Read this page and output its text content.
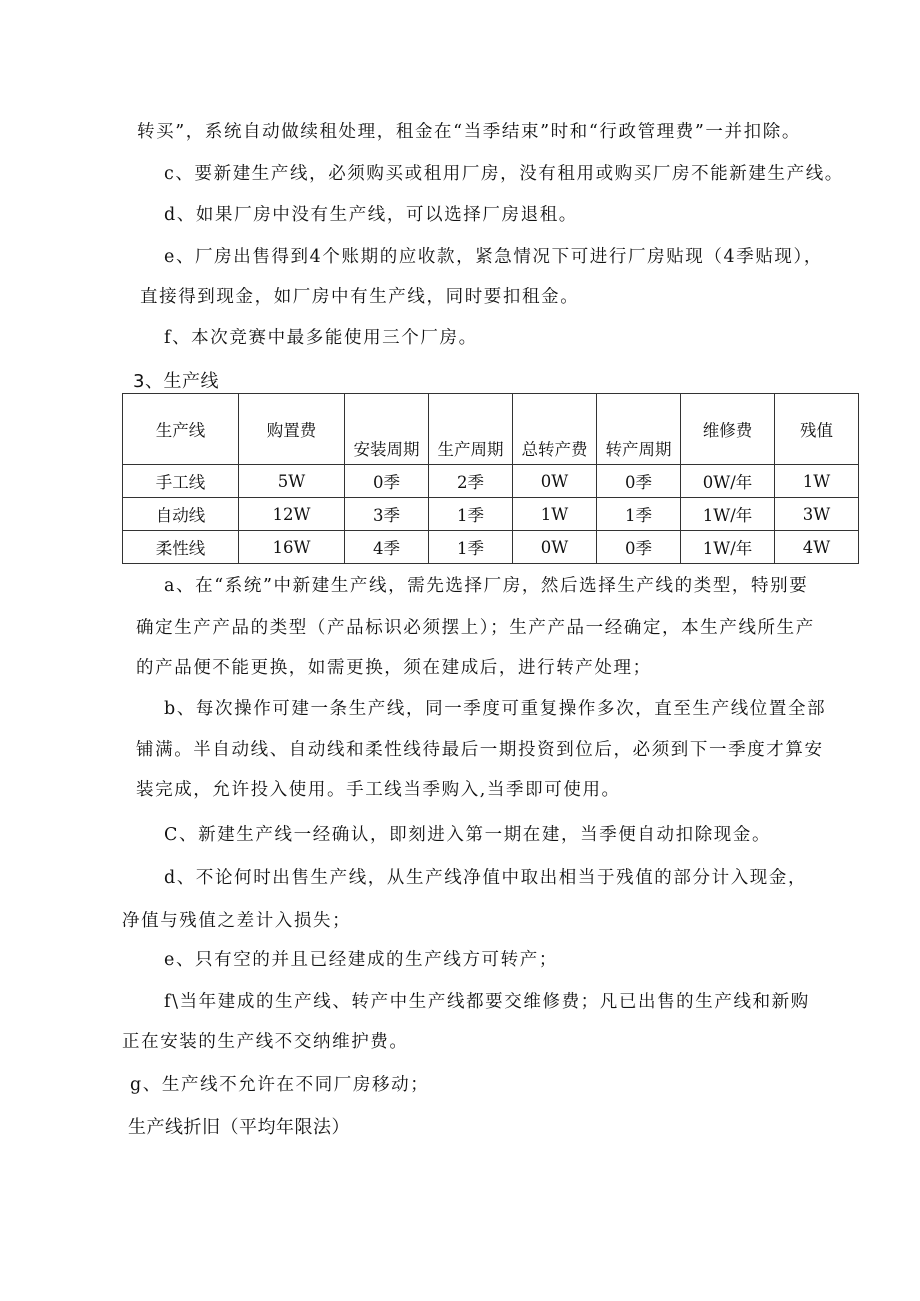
转买”，系统自动做续租处理，租金在“当季结束”时和“行政管理费”一并扣除。
c、要新建生产线，必须购买或租用厂房，没有租用或购买厂房不能新建生产线。
d、如果厂房中没有生产线，可以选择厂房退租。
e、厂房出售得到4个账期的应收款，紧急情况下可进行厂房贴现（4季贴现），
直接得到现金，如厂房中有生产线，同时要扣租金。
f、本次竞赛中最多能使用三个厂房。
3、生产线
生产线	购置费	安装周期	生产周期	总转产费	转产周期	维修费	残值
手工线	5W	0季	2季	0W	0季	0W/年	1W
自动线	12W	3季	1季	1W	1季	1W/年	3W
柔性线	16W	4季	1季	0W	0季	1W/年	4W
a、在“系统”中新建生产线，需先选择厂房，然后选择生产线的类型，特别要
确定生产产品的类型（产品标识必须摆上）；生产产品一经确定，本生产线所生产
的产品便不能更换，如需更换，须在建成后，进行转产处理；
b、每次操作可建一条生产线，同一季度可重复操作多次，直至生产线位置全部
铺满。半自动线、自动线和柔性线待最后一期投资到位后，必须到下一季度才算安
装完成，允许投入使用。手工线当季购入,当季即可使用。
C、新建生产线一经确认，即刻进入第一期在建，当季便自动扣除现金。
d、不论何时出售生产线，从生产线净值中取出相当于残值的部分计入现金，
净值与残值之差计入损失；
e、只有空的并且已经建成的生产线方可转产；
f\当年建成的生产线、转产中生产线都要交维修费；凡已出售的生产线和新购
正在安装的生产线不交纳维护费。
g、生产线不允许在不同厂房移动；
生产线折旧（平均年限法）
